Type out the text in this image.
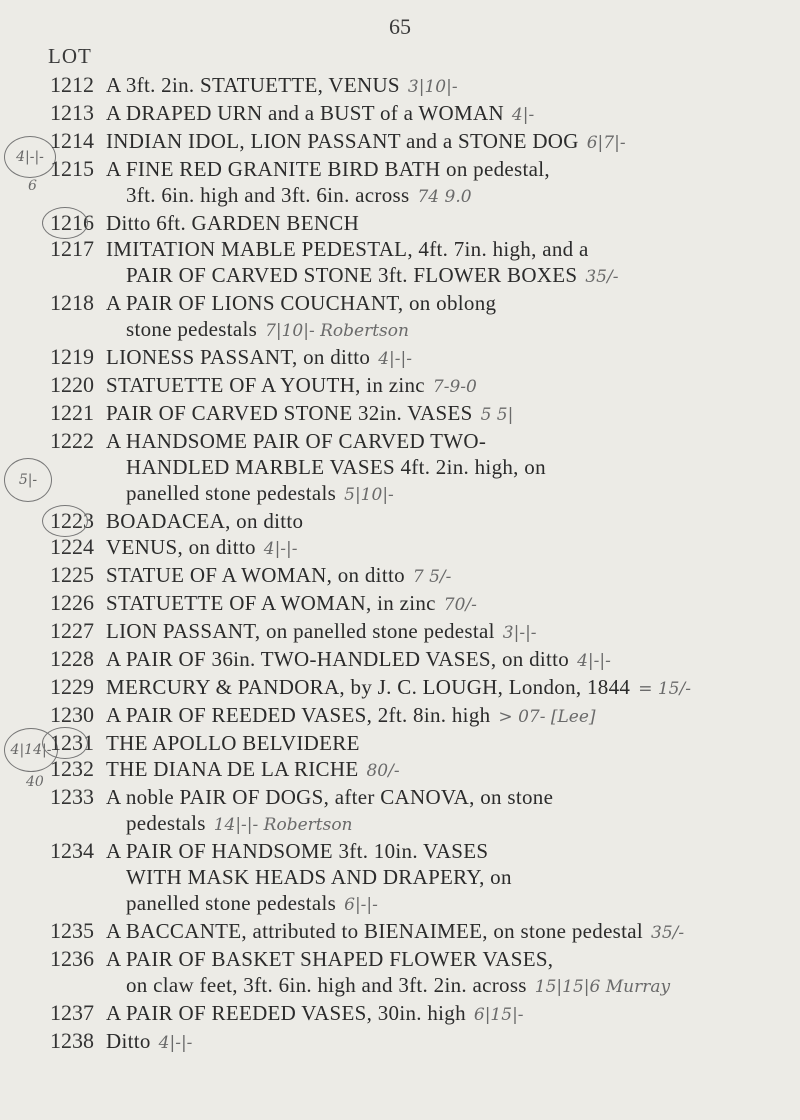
65
LOT
4|-|-
6
5|-
4|14|-
40
1212 A 3ft. 2in. STATUETTE, VENUS 3|10|-
1213 A DRAPED URN and a BUST of a WOMAN 4|-
1214 INDIAN IDOL, LION PASSANT and a STONE DOG 6|7|-
1215 A FINE RED GRANITE BIRD BATH on pedestal,
3ft. 6in. high and 3ft. 6in. across 74 9.0
1216 Ditto 6ft. GARDEN BENCH
1217 IMITATION MABLE PEDESTAL, 4ft. 7in. high, and a
PAIR OF CARVED STONE 3ft. FLOWER BOXES 35/-
1218 A PAIR OF LIONS COUCHANT, on oblong
stone pedestals 7|10|- Robertson
1219 LIONESS PASSANT, on ditto 4|-|-
1220 STATUETTE OF A YOUTH, in zinc 7-9-0
1221 PAIR OF CARVED STONE 32in. VASES 5 5|
1222 A HANDSOME PAIR OF CARVED TWO-
HANDLED MARBLE VASES 4ft. 2in. high, on
panelled stone pedestals 5|10|-
1223 BOADACEA, on ditto
1224 VENUS, on ditto 4|-|-
1225 STATUE OF A WOMAN, on ditto 7 5/-
1226 STATUETTE OF A WOMAN, in zinc 70/-
1227 LION PASSANT, on panelled stone pedestal 3|-|-
1228 A PAIR OF 36in. TWO-HANDLED VASES, on ditto 4|-|-
1229 MERCURY & PANDORA, by J. C. LOUGH, London, 1844 = 15/-
1230 A PAIR OF REEDED VASES, 2ft. 8in. high > 07- [Lee]
1231 THE APOLLO BELVIDERE
1232 THE DIANA DE LA RICHE 80/-
1233 A noble PAIR OF DOGS, after CANOVA, on stone
pedestals 14|-|- Robertson
1234 A PAIR OF HANDSOME 3ft. 10in. VASES
WITH MASK HEADS AND DRAPERY, on
panelled stone pedestals 6|-|-
1235 A BACCANTE, attributed to BIENAIMEE, on stone pedestal 35/-
1236 A PAIR OF BASKET SHAPED FLOWER VASES,
on claw feet, 3ft. 6in. high and 3ft. 2in. across 15|15|6 Murray
1237 A PAIR OF REEDED VASES, 30in. high 6|15|-
1238 Ditto 4|-|-
